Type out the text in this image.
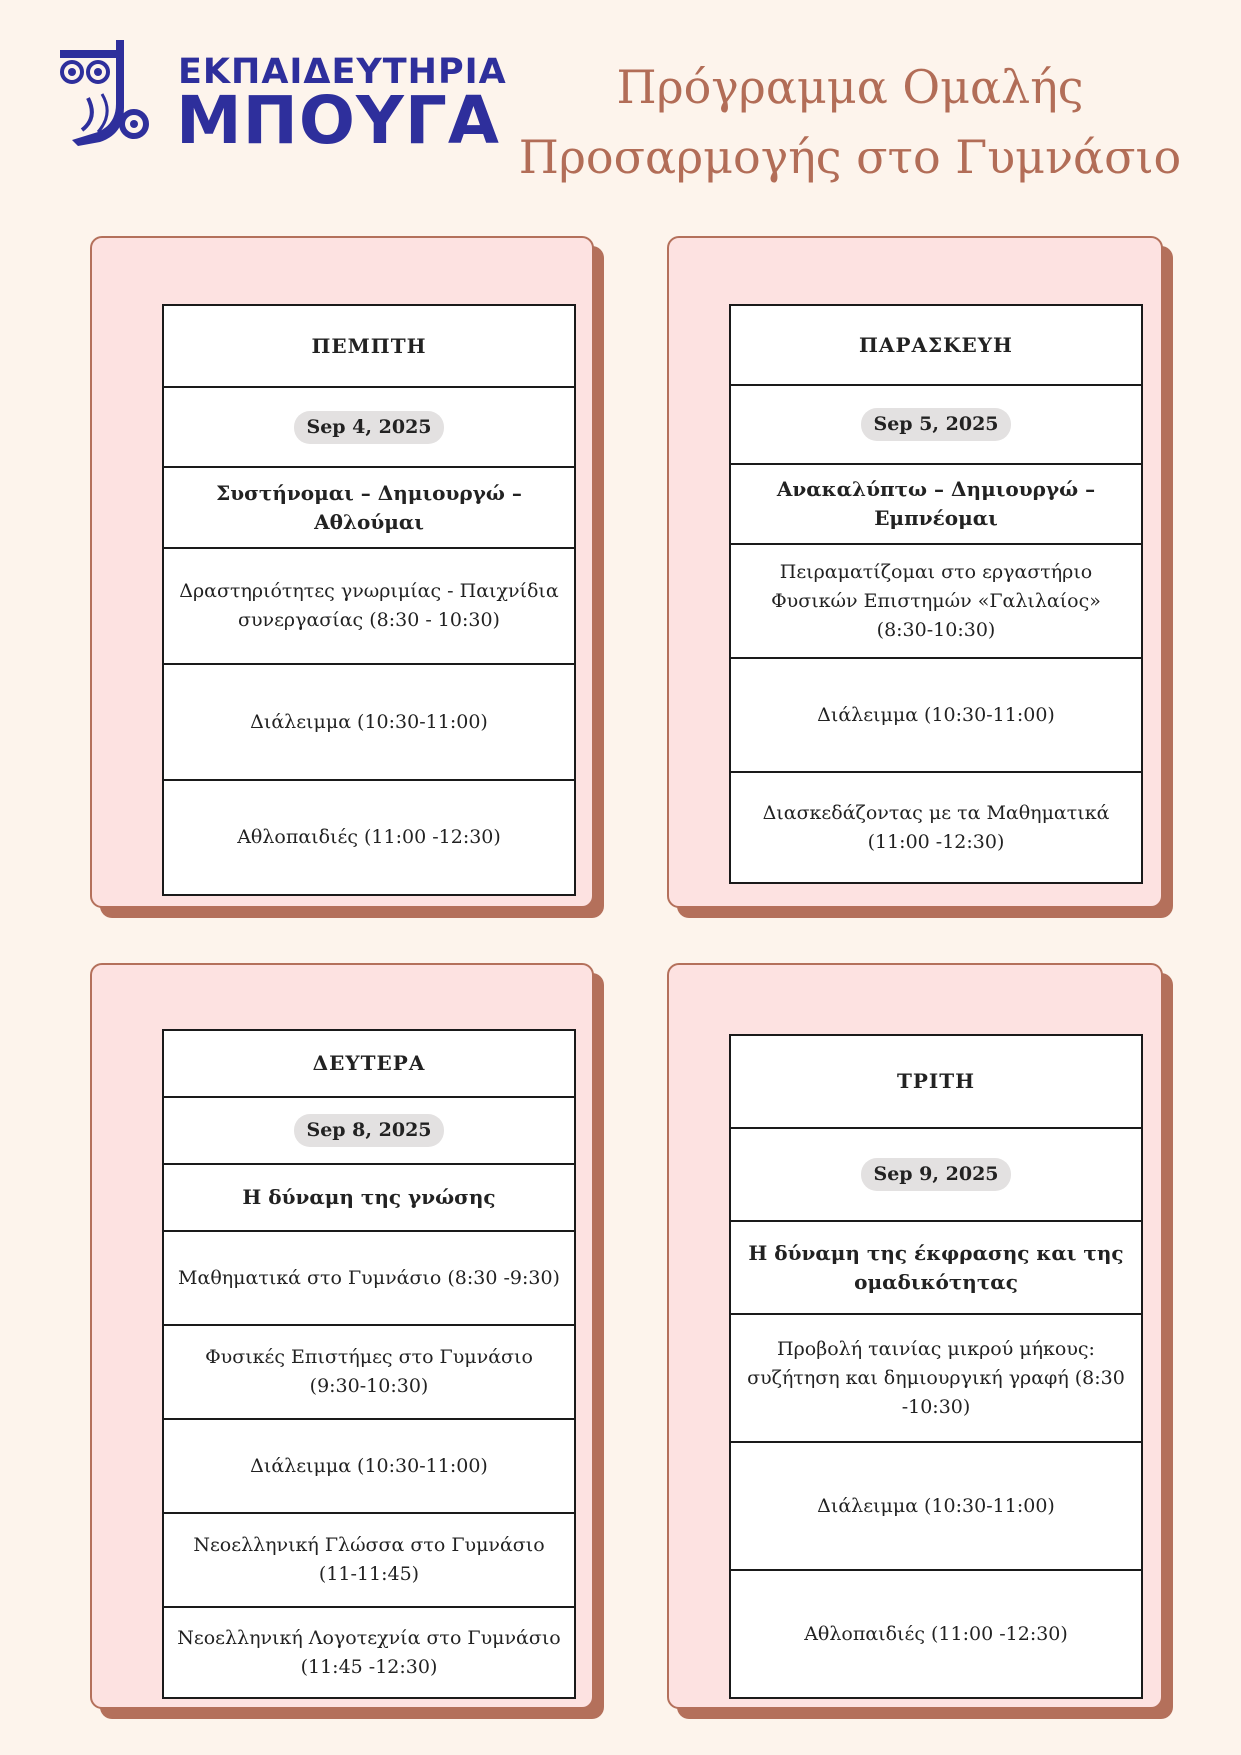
ΕΚΠΑΙΔΕΥΤΗΡΙΑ
ΜΠΟΥΓΑ	Πρόγραμμα Ομαλής
Προσαρμογής στο Γυμνάσιο
ΠΕΜΠΤΗ
Sep 4, 2025
Συστήνομαι – Δημιουργώ – Αθλούμαι
Δραστηριότητες γνωριμίας - Παιχνίδια συνεργασίας (8:30 - 10:30)
Διάλειμμα (10:30-11:00)
Αθλοπαιδιές (11:00 -12:30)
ΠΑΡΑΣΚΕΥΗ
Sep 5, 2025
Ανακαλύπτω – Δημιουργώ – Εμπνέομαι
Πειραματίζομαι στο εργαστήριο Φυσικών Επιστημών «Γαλιλαίος» (8:30-10:30)
Διάλειμμα (10:30-11:00)
Διασκεδάζοντας με τα Μαθηματικά (11:00 -12:30)
ΔΕΥΤΕΡΑ
Sep 8, 2025
Η δύναμη της γνώσης
Μαθηματικά στο Γυμνάσιο (8:30 -9:30)
Φυσικές Επιστήμες στο Γυμνάσιο (9:30-10:30)
Διάλειμμα (10:30-11:00)
Νεοελληνική Γλώσσα στο Γυμνάσιο (11-11:45)
Νεοελληνική Λογοτεχνία στο Γυμνάσιο (11:45 -12:30)
ΤΡΙΤΗ
Sep 9, 2025
Η δύναμη της έκφρασης και της ομαδικότητας
Προβολή ταινίας μικρού μήκους: συζήτηση και δημιουργική γραφή (8:30 -10:30)
Διάλειμμα (10:30-11:00)
Αθλοπαιδιές (11:00 -12:30)
